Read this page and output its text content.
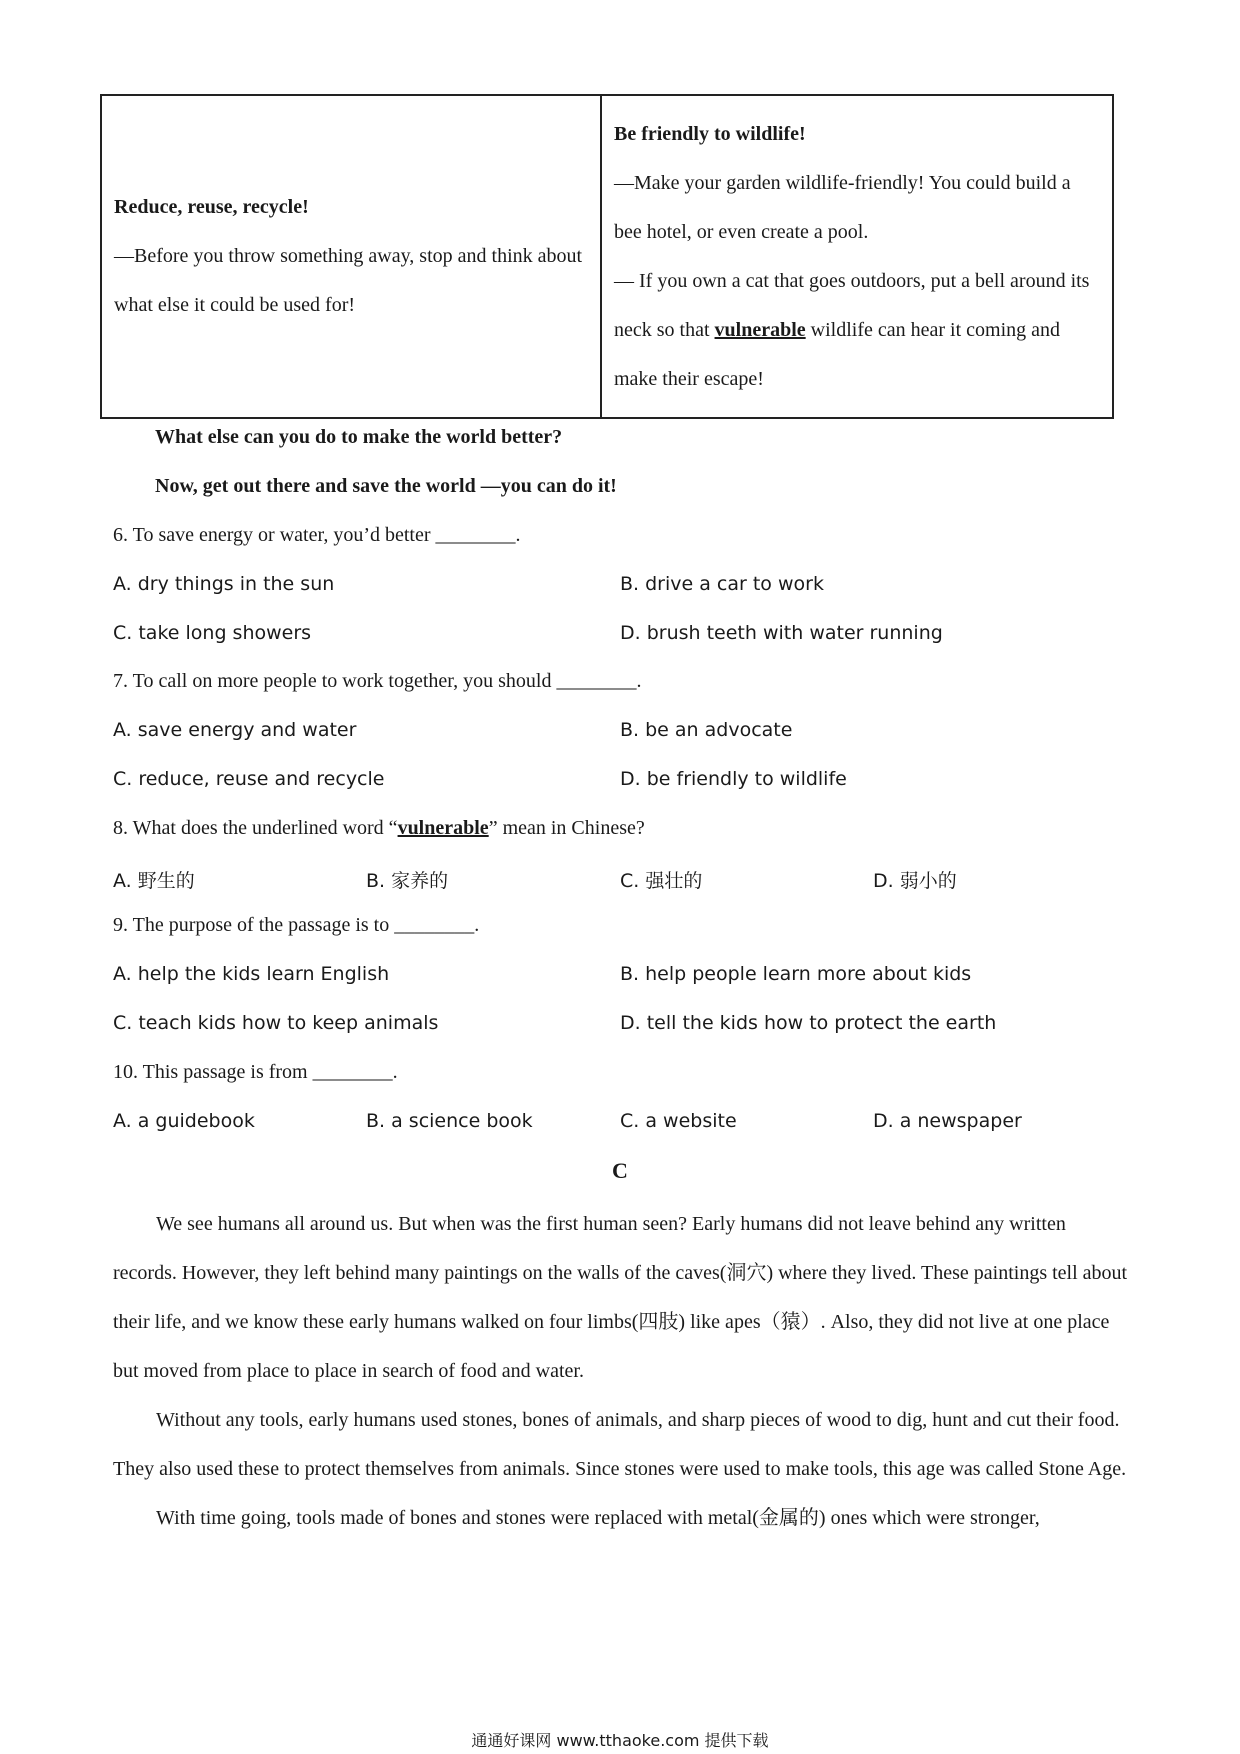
Reduce, reuse, recycle!
—Before you throw something away, stop and think about what else it could be used for!

Be friendly to wildlife!
—Make your garden wildlife-friendly! You could build a bee hotel, or even create a pool.
— If you own a cat that goes outdoors, put a bell around its neck so that vulnerable wildlife can hear it coming and make their escape!
What else can you do to make the world better?
Now, get out there and save the world —you can do it!
6. To save energy or water, you’d better ________.
A. dry things in the sun	B. drive a car to work
C. take long showers	D. brush teeth with water running
7. To call on more people to work together, you should ________.
A. save energy and water	B. be an advocate
C. reduce, reuse and recycle	D. be friendly to wildlife
8. What does the underlined word “vulnerable” mean in Chinese?
A. 野生的	B. 家养的	C. 强壮的	D. 弱小的
9. The purpose of the passage is to ________.
A. help the kids learn English	B. help people learn more about kids
C. teach kids how to keep animals	D. tell the kids how to protect the earth
10. This passage is from ________.
A. a guidebook	B. a science book	C. a website	D. a newspaper
C

We see humans all around us. But when was the first human seen? Early humans did not leave behind any written records. However, they left behind many paintings on the walls of the caves(洞穴) where they lived. These paintings tell about their life, and we know these early humans walked on four limbs(四肢) like apes（猿）. Also, they did not live at one place but moved from place to place in search of food and water.

Without any tools, early humans used stones, bones of animals, and sharp pieces of wood to dig, hunt and cut their food. They also used these to protect themselves from animals. Since stones were used to make tools, this age was called Stone Age.

With time going, tools made of bones and stones were replaced with metal(金属的) ones which were stronger,

通通好课网 www.tthaoke.com 提供下载
